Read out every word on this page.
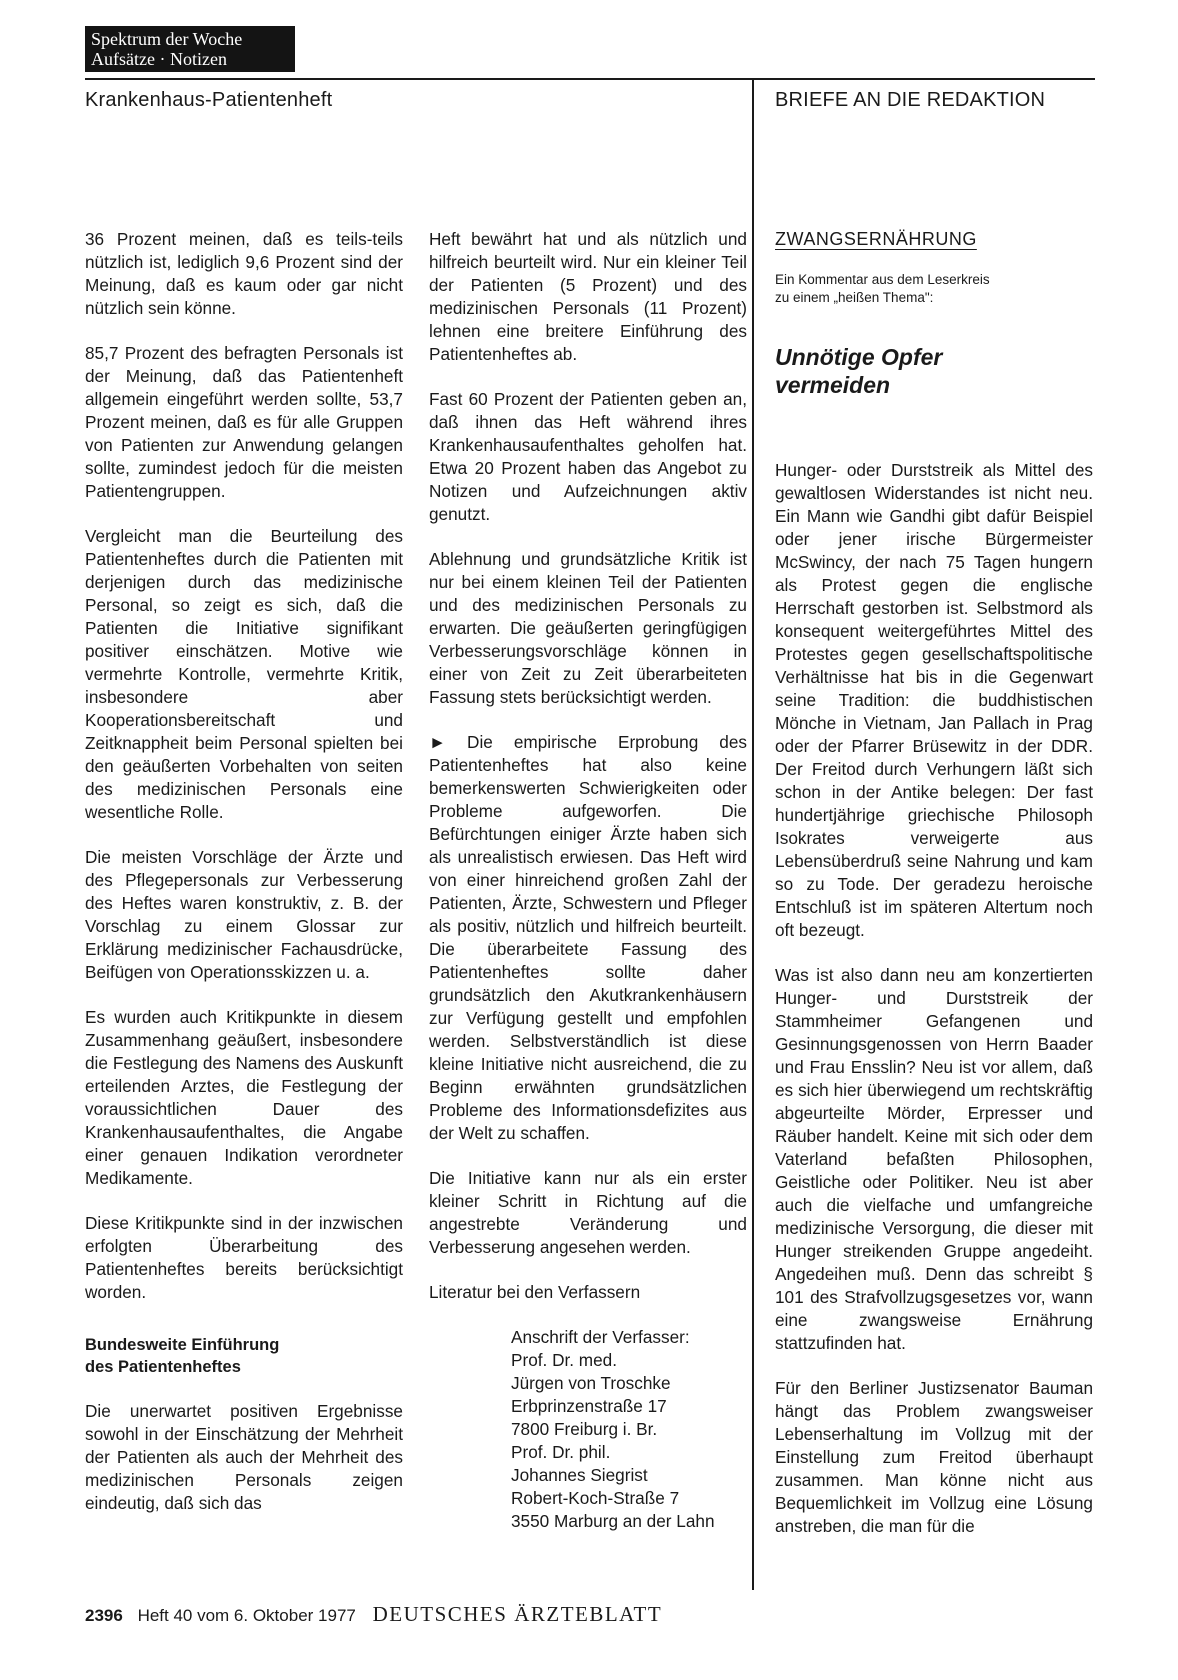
Spektrum der Woche
Aufsätze · Notizen
Krankenhaus-Patientenheft	BRIEFE AN DIE REDAKTION

36 Prozent meinen, daß es teils-teils nützlich ist, lediglich 9,6 Prozent sind der Meinung, daß es kaum oder gar nicht nützlich sein könne.

85,7 Prozent des befragten Personals ist der Meinung, daß das Patientenheft allgemein eingeführt werden sollte, 53,7 Prozent meinen, daß es für alle Gruppen von Patienten zur Anwendung gelangen sollte, zumindest jedoch für die meisten Patientengruppen.

Vergleicht man die Beurteilung des Patientenheftes durch die Patienten mit derjenigen durch das medizinische Personal, so zeigt es sich, daß die Patienten die Initiative signifikant positiver einschätzen. Motive wie vermehrte Kontrolle, vermehrte Kritik, insbesondere aber Kooperationsbereitschaft und Zeitknappheit beim Personal spielten bei den geäußerten Vorbehalten von seiten des medizinischen Personals eine wesentliche Rolle.

Die meisten Vorschläge der Ärzte und des Pflegepersonals zur Verbesserung des Heftes waren konstruktiv, z. B. der Vorschlag zu einem Glossar zur Erklärung medizinischer Fachausdrücke, Beifügen von Operationsskizzen u. a.

Es wurden auch Kritikpunkte in diesem Zusammenhang geäußert, insbesondere die Festlegung des Namens des Auskunft erteilenden Arztes, die Festlegung der voraussichtlichen Dauer des Krankenhausaufenthaltes, die Angabe einer genauen Indikation verordneter Medikamente.

Diese Kritikpunkte sind in der inzwischen erfolgten Überarbeitung des Patientenheftes bereits berücksichtigt worden.

Bundesweite Einführung
des Patientenheftes

Die unerwartet positiven Ergebnisse sowohl in der Einschätzung der Mehrheit der Patienten als auch der Mehrheit des medizinischen Personals zeigen eindeutig, daß sich das

Heft bewährt hat und als nützlich und hilfreich beurteilt wird. Nur ein kleiner Teil der Patienten (5 Prozent) und des medizinischen Personals (11 Prozent) lehnen eine breitere Einführung des Patientenheftes ab.

Fast 60 Prozent der Patienten geben an, daß ihnen das Heft während ihres Krankenhausaufenthaltes geholfen hat. Etwa 20 Prozent haben das Angebot zu Notizen und Aufzeichnungen aktiv genutzt.

Ablehnung und grundsätzliche Kritik ist nur bei einem kleinen Teil der Patienten und des medizinischen Personals zu erwarten. Die geäußerten geringfügigen Verbesserungsvorschläge können in einer von Zeit zu Zeit überarbeiteten Fassung stets berücksichtigt werden.

► Die empirische Erprobung des Patientenheftes hat also keine bemerkenswerten Schwierigkeiten oder Probleme aufgeworfen. Die Befürchtungen einiger Ärzte haben sich als unrealistisch erwiesen. Das Heft wird von einer hinreichend großen Zahl der Patienten, Ärzte, Schwestern und Pfleger als positiv, nützlich und hilfreich beurteilt. Die überarbeitete Fassung des Patientenheftes sollte daher grundsätzlich den Akutkrankenhäusern zur Verfügung gestellt und empfohlen werden. Selbstverständlich ist diese kleine Initiative nicht ausreichend, die zu Beginn erwähnten grundsätzlichen Probleme des Informationsdefizites aus der Welt zu schaffen.

Die Initiative kann nur als ein erster kleiner Schritt in Richtung auf die angestrebte Veränderung und Verbesserung angesehen werden.

Literatur bei den Verfassern

Anschrift der Verfasser:
Prof. Dr. med.
Jürgen von Troschke
Erbprinzenstraße 17
7800 Freiburg i. Br.
Prof. Dr. phil.
Johannes Siegrist
Robert-Koch-Straße 7
3550 Marburg an der Lahn
ZWANGSERNÄHRUNG
Ein Kommentar aus dem Leserkreis
zu einem „heißen Thema":
Unnötige Opfer
vermeiden

Hunger- oder Durststreik als Mittel des gewaltlosen Widerstandes ist nicht neu. Ein Mann wie Gandhi gibt dafür Beispiel oder jener irische Bürgermeister McSwincy, der nach 75 Tagen hungern als Protest gegen die englische Herrschaft gestorben ist. Selbstmord als konsequent weitergeführtes Mittel des Protestes gegen gesellschaftspolitische Verhältnisse hat bis in die Gegenwart seine Tradition: die buddhistischen Mönche in Vietnam, Jan Pallach in Prag oder der Pfarrer Brüsewitz in der DDR. Der Freitod durch Verhungern läßt sich schon in der Antike belegen: Der fast hundertjährige griechische Philosoph Isokrates verweigerte aus Lebensüberdruß seine Nahrung und kam so zu Tode. Der geradezu heroische Entschluß ist im späteren Altertum noch oft bezeugt.

Was ist also dann neu am konzertierten Hunger- und Durststreik der Stammheimer Gefangenen und Gesinnungsgenossen von Herrn Baader und Frau Ensslin? Neu ist vor allem, daß es sich hier überwiegend um rechtskräftig abgeurteilte Mörder, Erpresser und Räuber handelt. Keine mit sich oder dem Vaterland befaßten Philosophen, Geistliche oder Politiker. Neu ist aber auch die vielfache und umfangreiche medizinische Versorgung, die dieser mit Hunger streikenden Gruppe angedeiht. Angedeihen muß. Denn das schreibt § 101 des Strafvollzugsgesetzes vor, wann eine zwangsweise Ernährung stattzufinden hat.

Für den Berliner Justizsenator Bauman hängt das Problem zwangsweiser Lebenserhaltung im Vollzug mit der Einstellung zum Freitod überhaupt zusammen. Man könne nicht aus Bequemlichkeit im Vollzug eine Lösung anstreben, die man für die

2396 Heft 40 vom 6. Oktober 1977 DEUTSCHES ÄRZTEBLATT
